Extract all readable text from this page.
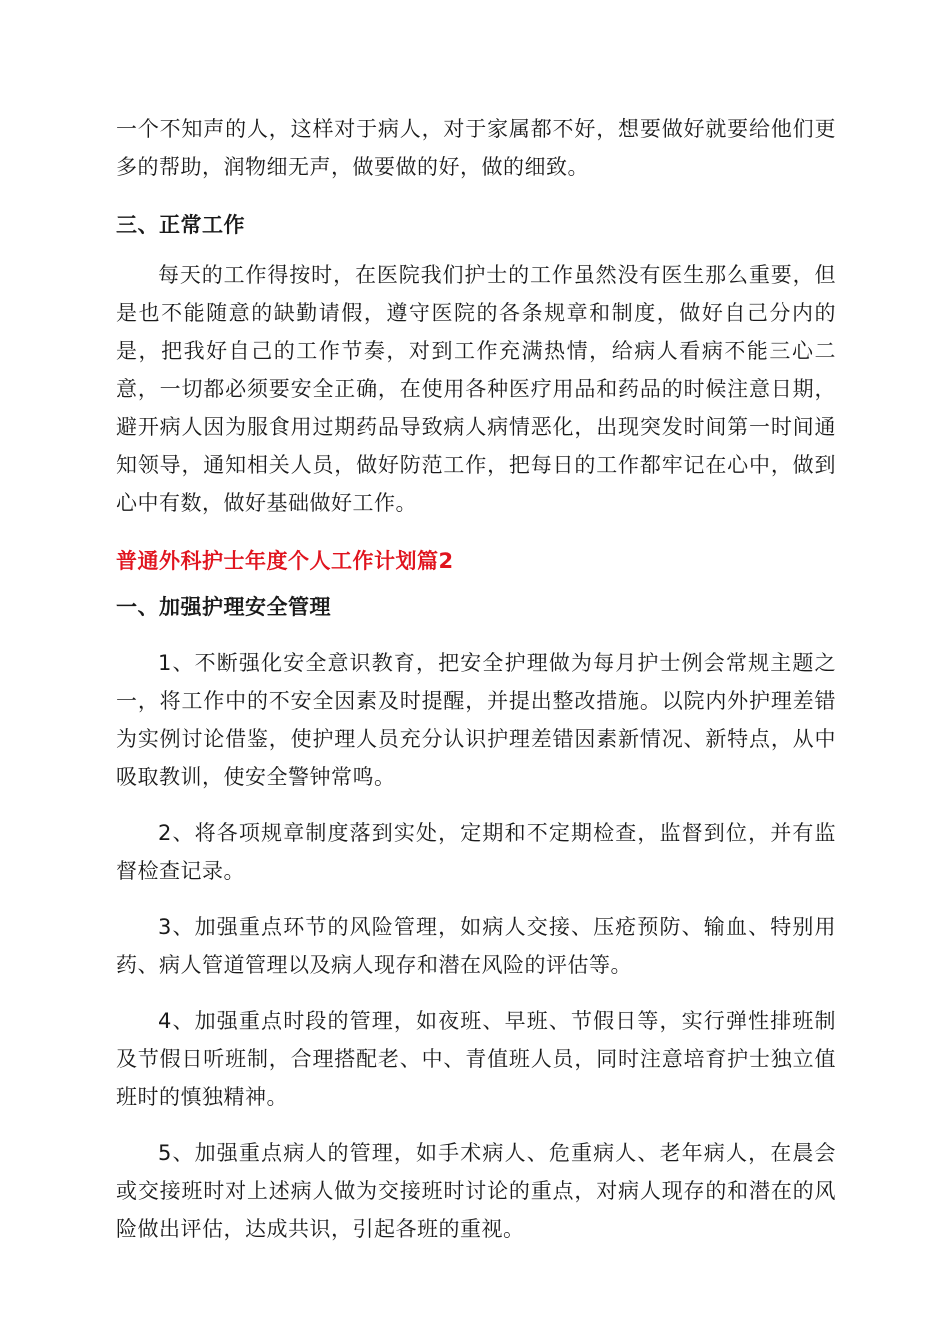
一个不知声的人，这样对于病人，对于家属都不好，想要做好就要给他们更多的帮助，润物细无声，做要做的好，做的细致。

三、正常工作

每天的工作得按时，在医院我们护士的工作虽然没有医生那么重要，但是也不能随意的缺勤请假，遵守医院的各条规章和制度，做好自己分内的是，把我好自己的工作节奏，对到工作充满热情，给病人看病不能三心二意，一切都必须要安全正确，在使用各种医疗用品和药品的时候注意日期，避开病人因为服食用过期药品导致病人病情恶化，出现突发时间第一时间通知领导，通知相关人员，做好防范工作，把每日的工作都牢记在心中，做到心中有数，做好基础做好工作。

普通外科护士年度个人工作计划篇2

一、加强护理安全管理

1、不断强化安全意识教育，把安全护理做为每月护士例会常规主题之一，将工作中的不安全因素及时提醒，并提出整改措施。以院内外护理差错为实例讨论借鉴，使护理人员充分认识护理差错因素新情况、新特点，从中吸取教训，使安全警钟常鸣。

2、将各项规章制度落到实处，定期和不定期检查，监督到位，并有监督检查记录。

3、加强重点环节的风险管理，如病人交接、压疮预防、输血、特别用药、病人管道管理以及病人现存和潜在风险的评估等。

4、加强重点时段的管理，如夜班、早班、节假日等，实行弹性排班制及节假日听班制，合理搭配老、中、青值班人员，同时注意培育护士独立值班时的慎独精神。

5、加强重点病人的管理，如手术病人、危重病人、老年病人，在晨会或交接班时对上述病人做为交接班时讨论的重点，对病人现存的和潜在的风险做出评估，达成共识，引起各班的重视。
